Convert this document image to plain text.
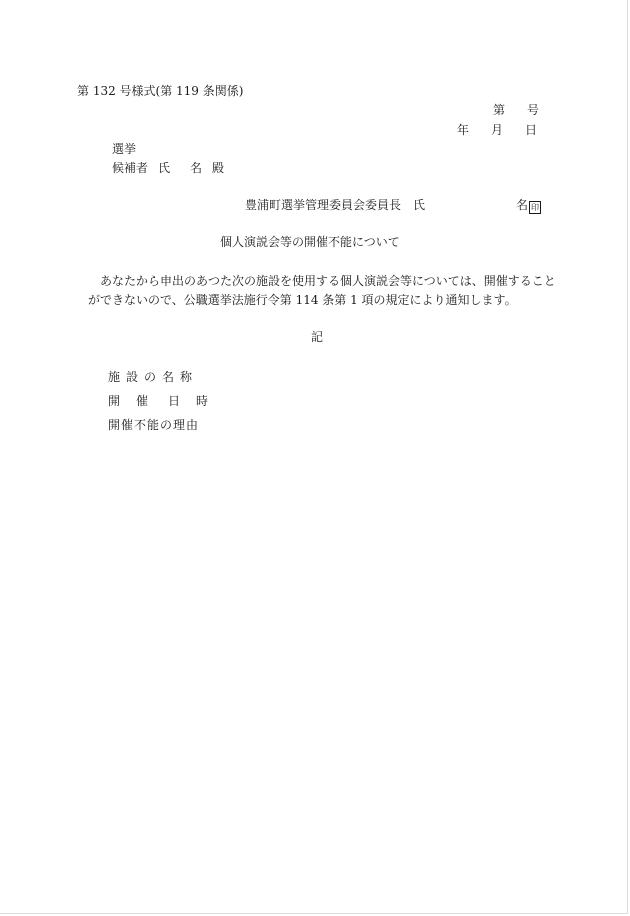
第 132 号様式(第 119 条関係)
第 号
年 月 日
選挙
候補者 氏 名 殿
豊浦町選挙管理委員会委員長 氏	名 印
個人演説会等の開催不能について
あなたから申出のあつた次の施設を使用する個人演説会等については、開催すること
ができないので、公職選挙法施行令第 114 条第 1 項の規定により通知します。
記
施設の名称
開 催 日 時
開催不能の理由
